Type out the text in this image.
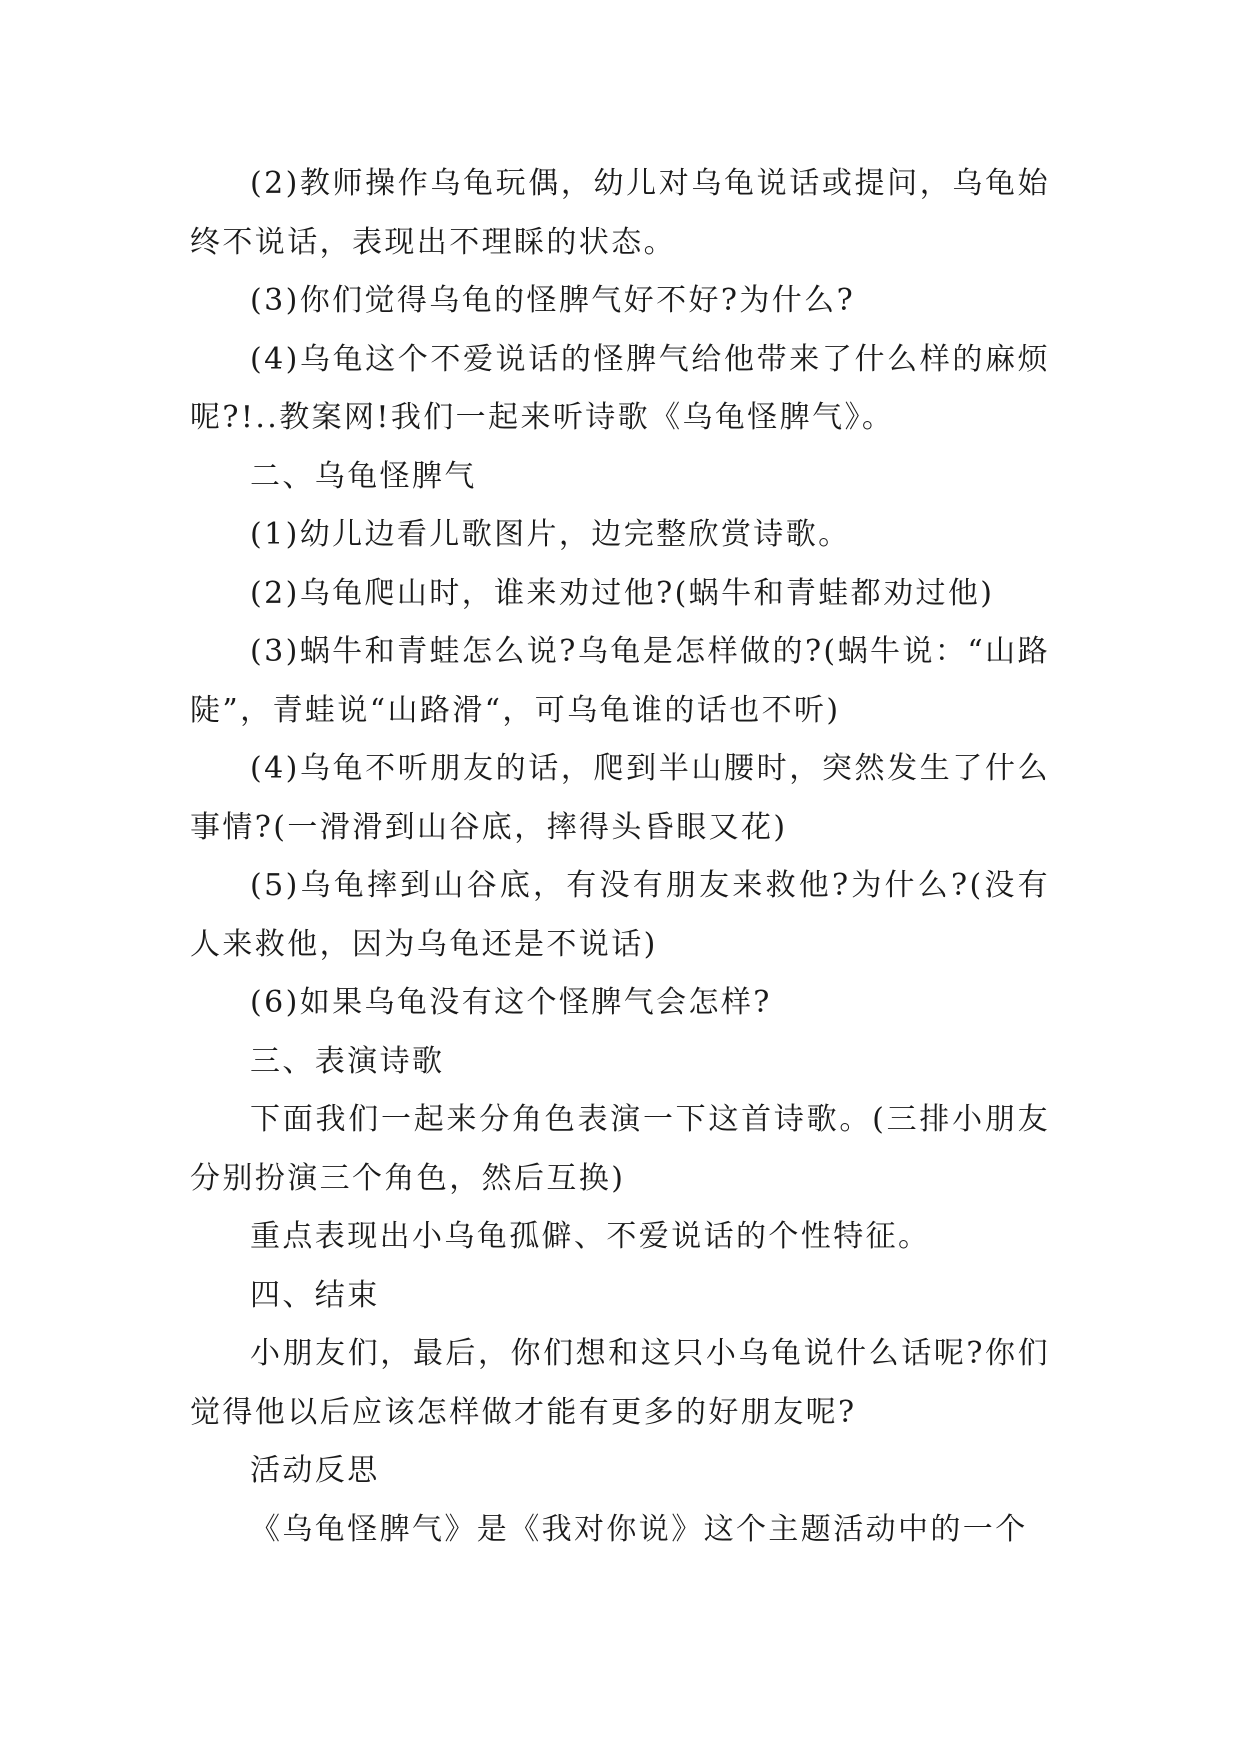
(2)教师操作乌龟玩偶，幼儿对乌龟说话或提问，乌龟始终不说话，表现出不理睬的状态。

(3)你们觉得乌龟的怪脾气好不好?为什么?

(4)乌龟这个不爱说话的怪脾气给他带来了什么样的麻烦呢?!..教案网!我们一起来听诗歌《乌龟怪脾气》。

二、乌龟怪脾气

(1)幼儿边看儿歌图片，边完整欣赏诗歌。

(2)乌龟爬山时，谁来劝过他?(蜗牛和青蛙都劝过他)

(3)蜗牛和青蛙怎么说?乌龟是怎样做的?(蜗牛说：“山路陡”，青蛙说“山路滑“，可乌龟谁的话也不听)

(4)乌龟不听朋友的话，爬到半山腰时，突然发生了什么事情?(一滑滑到山谷底，摔得头昏眼又花)

(5)乌龟摔到山谷底，有没有朋友来救他?为什么?(没有人来救他，因为乌龟还是不说话)

(6)如果乌龟没有这个怪脾气会怎样?

三、表演诗歌

下面我们一起来分角色表演一下这首诗歌。(三排小朋友分别扮演三个角色，然后互换)

重点表现出小乌龟孤僻、不爱说话的个性特征。

四、结束

小朋友们，最后，你们想和这只小乌龟说什么话呢?你们觉得他以后应该怎样做才能有更多的好朋友呢?

活动反思

《乌龟怪脾气》是《我对你说》这个主题活动中的一个
